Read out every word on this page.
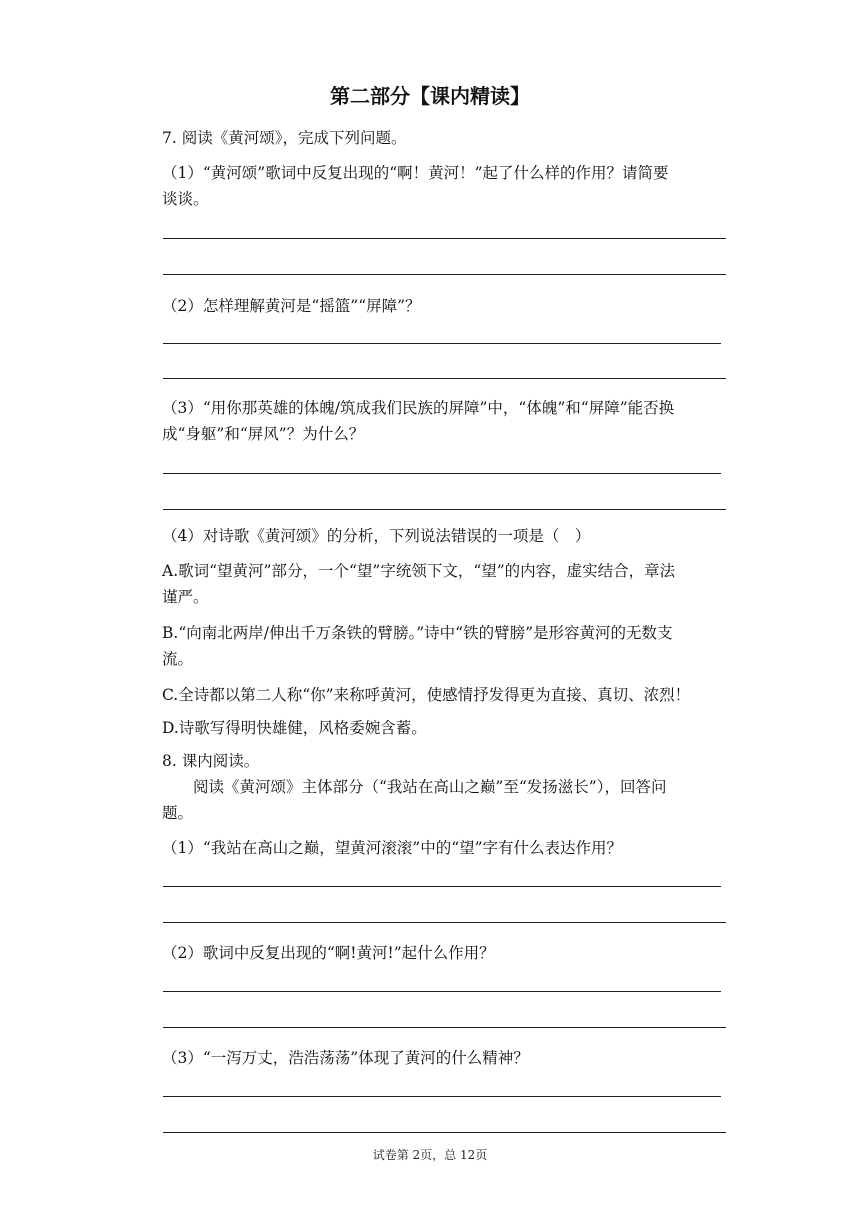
第二部分【课内精读】
7. 阅读《黄河颂》，完成下列问题。
（1）“黄河颂”歌词中反复出现的“啊！黄河！”起了什么样的作用？请简要
谈谈。
（2）怎样理解黄河是“摇篮”“屏障”？
（3）“用你那英雄的体魄/筑成我们民族的屏障”中，“体魄”和“屏障”能否换
成“身躯”和“屏风”？为什么？
（4）对诗歌《黄河颂》的分析，下列说法错误的一项是（　）
A.歌词“望黄河”部分，一个“望”字统领下文，“望”的内容，虚实结合，章法
谨严。
B.“向南北两岸/伸出千万条铁的臂膀。”诗中“铁的臂膀”是形容黄河的无数支
流。
C.全诗都以第二人称“你”来称呼黄河，使感情抒发得更为直接、真切、浓烈！
D.诗歌写得明快雄健，风格委婉含蓄。
8. 课内阅读。
阅读《黄河颂》主体部分（“我站在高山之巅”至“发扬滋长”），回答问
题。
（1）“我站在高山之巅，望黄河滚滚”中的“望”字有什么表达作用？
（2）歌词中反复出现的“啊!黄河!”起什么作用？
（3）“一泻万丈，浩浩荡荡”体现了黄河的什么精神？
试卷第 2页，总 12页
